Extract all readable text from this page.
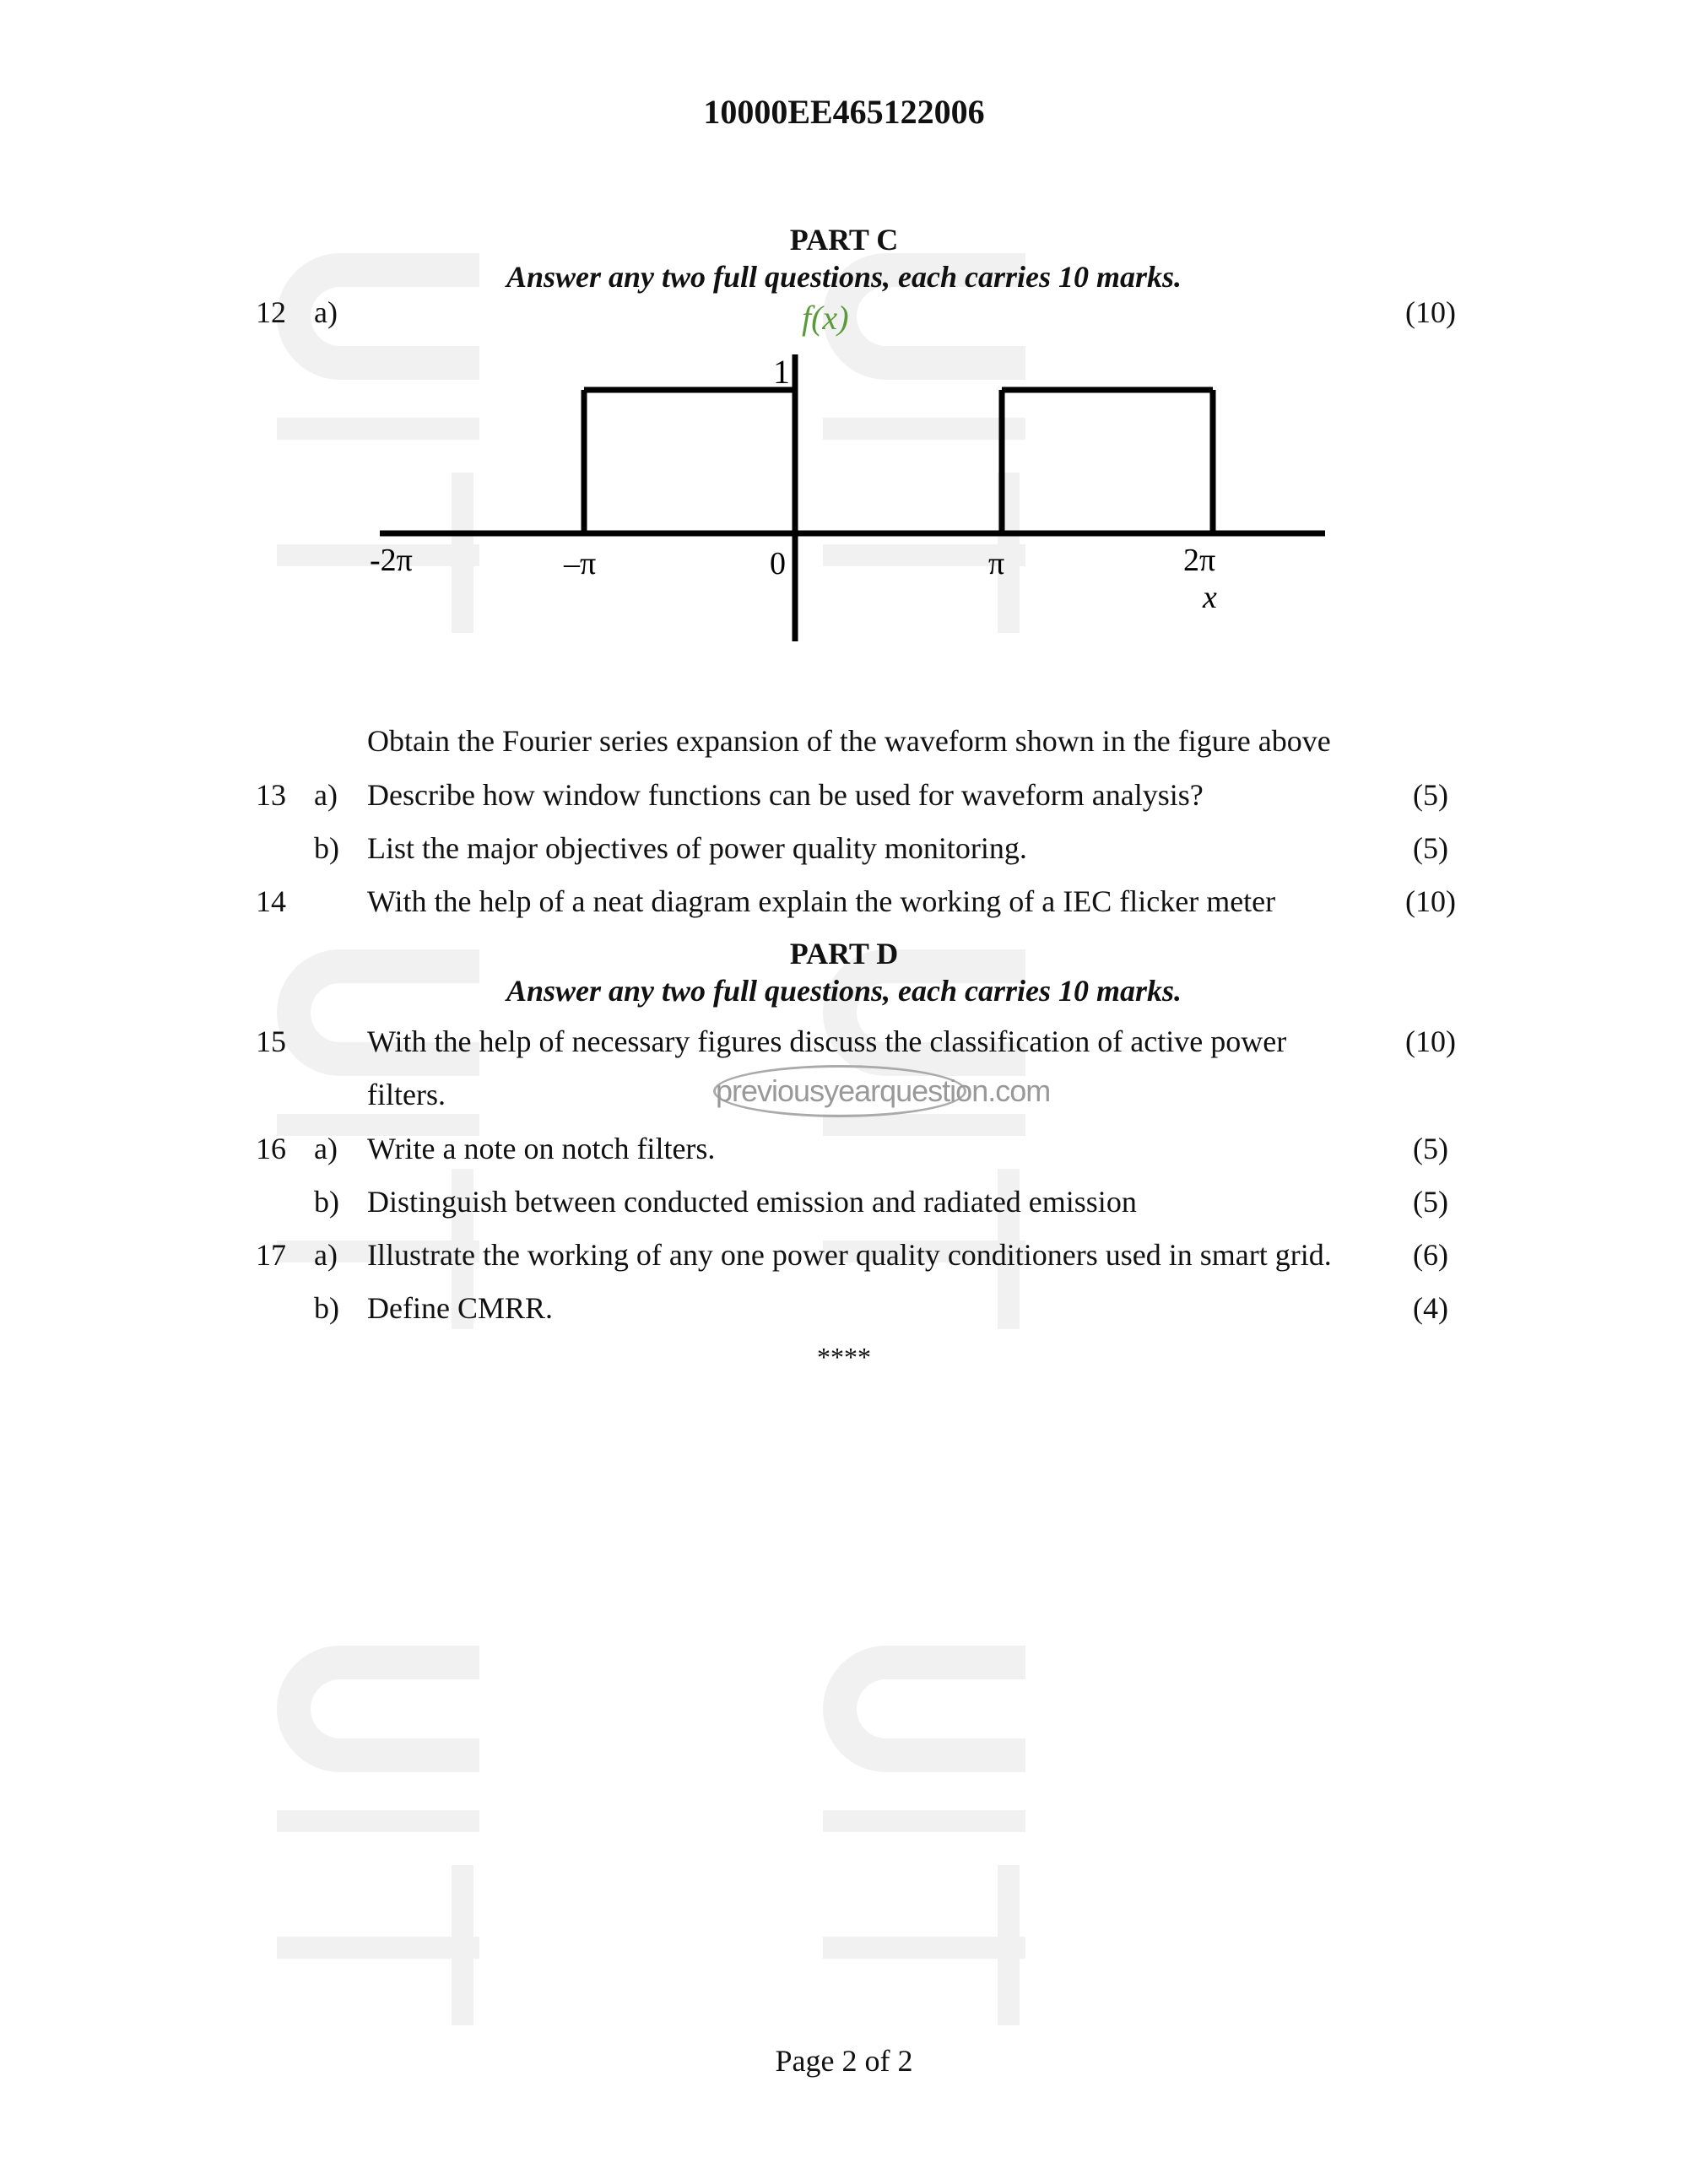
10000EE465122006
PART C
Answer any two full questions, each carries 10 marks.
12 a)	(10)
f(x)
1
-2π	–π	0	π	2π
x
Obtain the Fourier series expansion of the waveform shown in the figure above
13 a) Describe how window functions can be used for waveform analysis?	(5)
b) List the major objectives of power quality monitoring.	(5)
14	With the help of a neat diagram explain the working of a IEC flicker meter	(10)
PART D
Answer any two full questions, each carries 10 marks.
15	With the help of necessary figures discuss the classification of active power	(10)
filters.	previousyearquestion.com
16 a) Write a note on notch filters.	(5)
b) Distinguish between conducted emission and radiated emission	(5)
17 a) Illustrate the working of any one power quality conditioners used in smart grid.	(6)
b) Define CMRR.	(4)
****
Page 2 of 2
